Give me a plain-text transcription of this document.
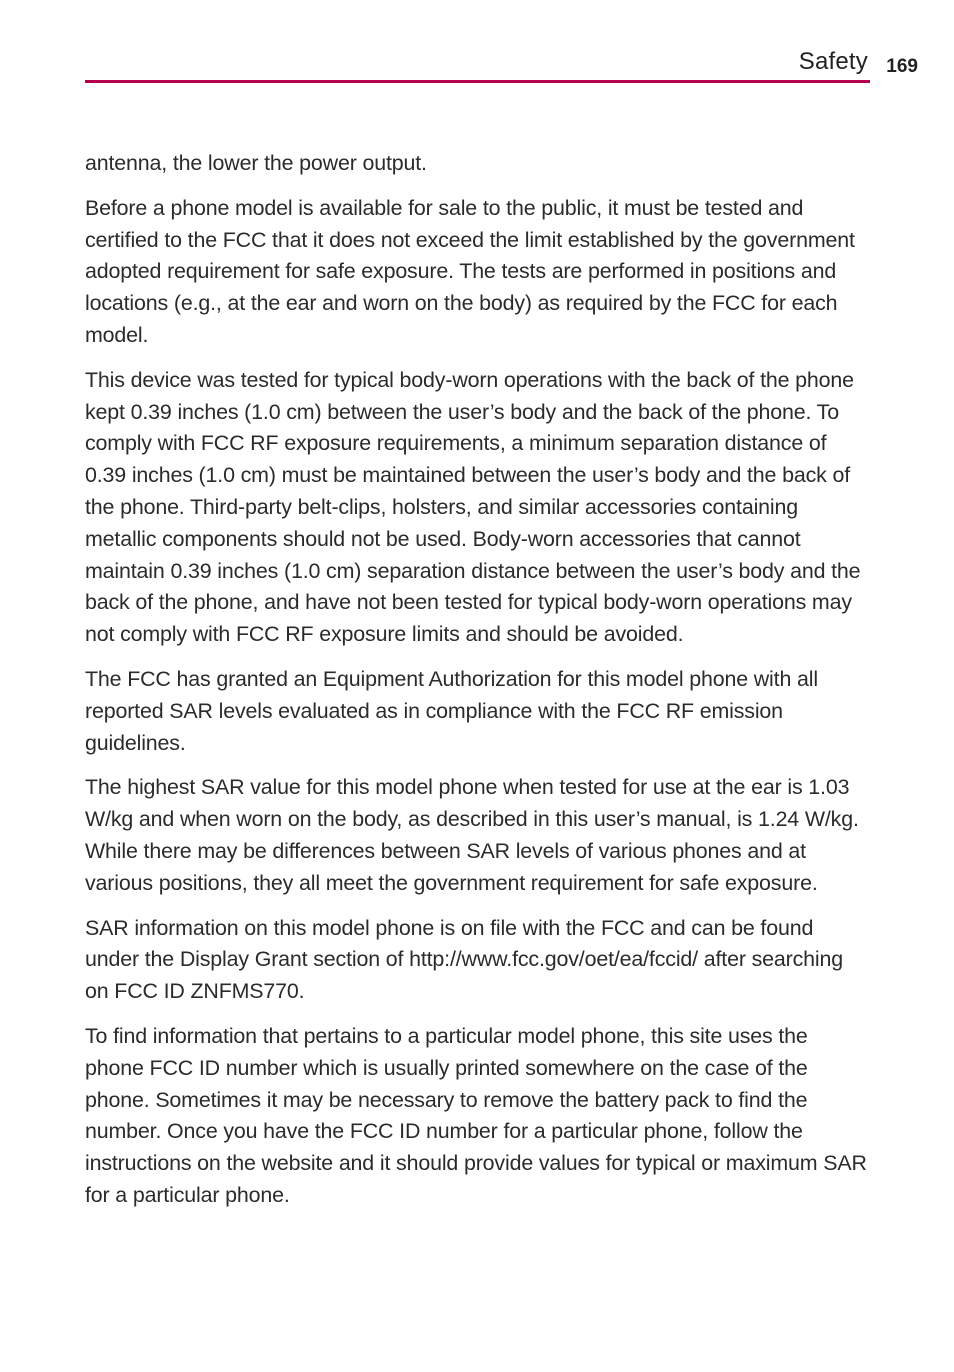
Safety 169

antenna, the lower the power output.

Before a phone model is available for sale to the public, it must be tested and certified to the FCC that it does not exceed the limit established by the government adopted requirement for safe exposure. The tests are performed in positions and locations (e.g., at the ear and worn on the body) as required by the FCC for each model.

This device was tested for typical body-worn operations with the back of the phone kept 0.39 inches (1.0 cm) between the user’s body and the back of the phone. To comply with FCC RF exposure requirements, a minimum separation distance of 0.39 inches (1.0 cm) must be maintained between the user’s body and the back of the phone. Third-party belt-clips, holsters, and similar accessories containing metallic components should not be used. Body-worn accessories that cannot maintain 0.39 inches (1.0 cm) separation distance between the user’s body and the back of the phone, and have not been tested for typical body-worn operations may not comply with FCC RF exposure limits and should be avoided.

The FCC has granted an Equipment Authorization for this model phone with all reported SAR levels evaluated as in compliance with the FCC RF emission guidelines.

The highest SAR value for this model phone when tested for use at the ear is 1.03 W/kg and when worn on the body, as described in this user’s manual, is 1.24 W/kg. While there may be differences between SAR levels of various phones and at various positions, they all meet the government requirement for safe exposure.

SAR information on this model phone is on file with the FCC and can be found under the Display Grant section of http://www.fcc.gov/oet/ea/fccid/ after searching on FCC ID ZNFMS770.

To find information that pertains to a particular model phone, this site uses the phone FCC ID number which is usually printed somewhere on the case of the phone. Sometimes it may be necessary to remove the battery pack to find the number. Once you have the FCC ID number for a particular phone, follow the instructions on the website and it should provide values for typical or maximum SAR for a particular phone.
